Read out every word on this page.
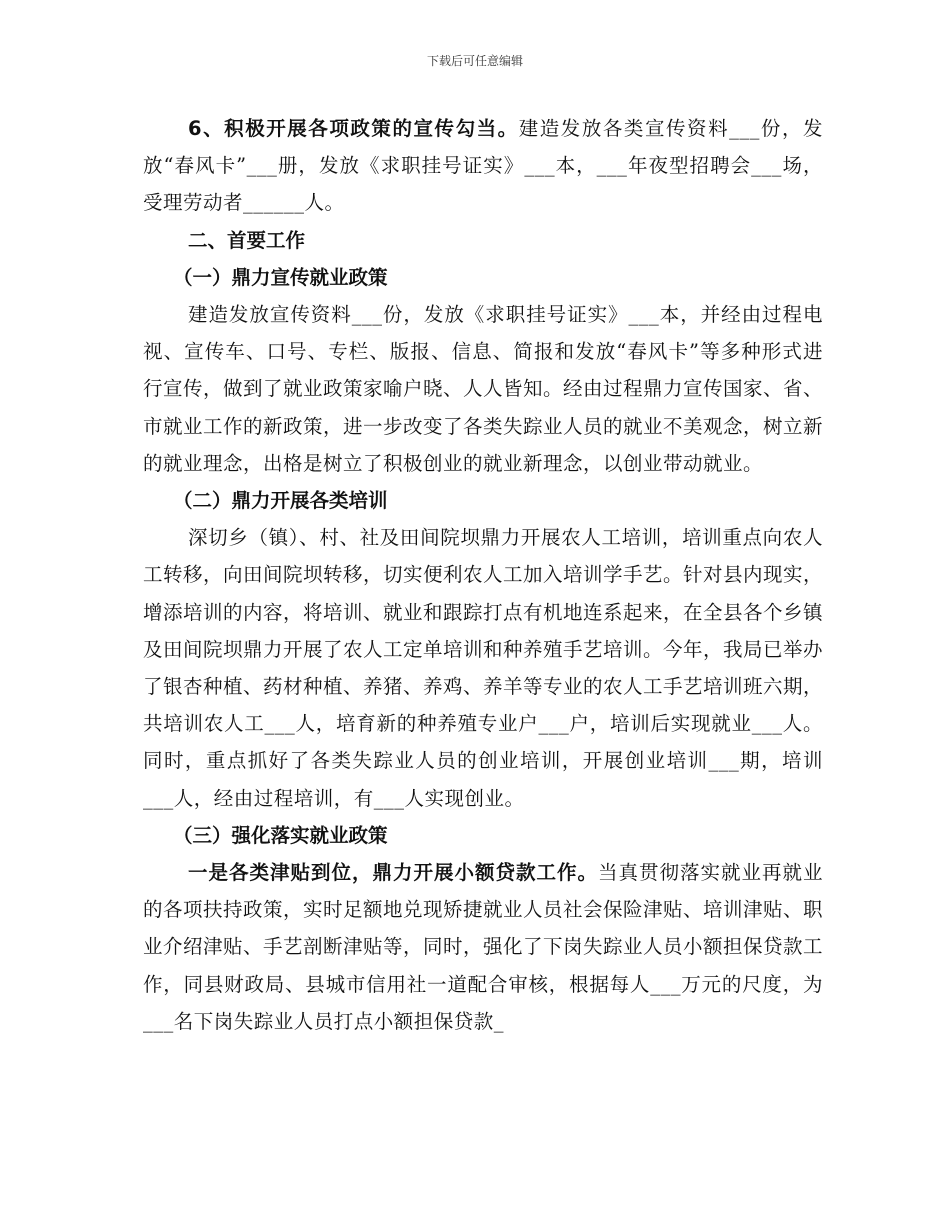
下载后可任意编辑

6、积极开展各项政策的宣传勾当。建造发放各类宣传资料___份，发放“春风卡”___册，发放《求职挂号证实》___本，___年夜型招聘会___场，受理劳动者______人。

二、首要工作

（一）鼎力宣传就业政策

建造发放宣传资料___份，发放《求职挂号证实》___本，并经由过程电视、宣传车、口号、专栏、版报、信息、简报和发放“春风卡”等多种形式进行宣传，做到了就业政策家喻户晓、人人皆知。经由过程鼎力宣传国家、省、市就业工作的新政策，进一步改变了各类失踪业人员的就业不美观念，树立新的就业理念，出格是树立了积极创业的就业新理念，以创业带动就业。

（二）鼎力开展各类培训

深切乡（镇）、村、社及田间院坝鼎力开展农人工培训，培训重点向农人工转移，向田间院坝转移，切实便利农人工加入培训学手艺。针对县内现实，增添培训的内容，将培训、就业和跟踪打点有机地连系起来，在全县各个乡镇及田间院坝鼎力开展了农人工定单培训和种养殖手艺培训。今年，我局已举办了银杏种植、药材种植、养猪、养鸡、养羊等专业的农人工手艺培训班六期，共培训农人工___人，培育新的种养殖专业户___户，培训后实现就业___人。同时，重点抓好了各类失踪业人员的创业培训，开展创业培训___期，培训___人，经由过程培训，有___人实现创业。

（三）强化落实就业政策

一是各类津贴到位，鼎力开展小额贷款工作。当真贯彻落实就业再就业的各项扶持政策，实时足额地兑现矫捷就业人员社会保险津贴、培训津贴、职业介绍津贴、手艺剖断津贴等，同时，强化了下岗失踪业人员小额担保贷款工作，同县财政局、县城市信用社一道配合审核，根据每人___万元的尺度，为___名下岗失踪业人员打点小额担保贷款_
